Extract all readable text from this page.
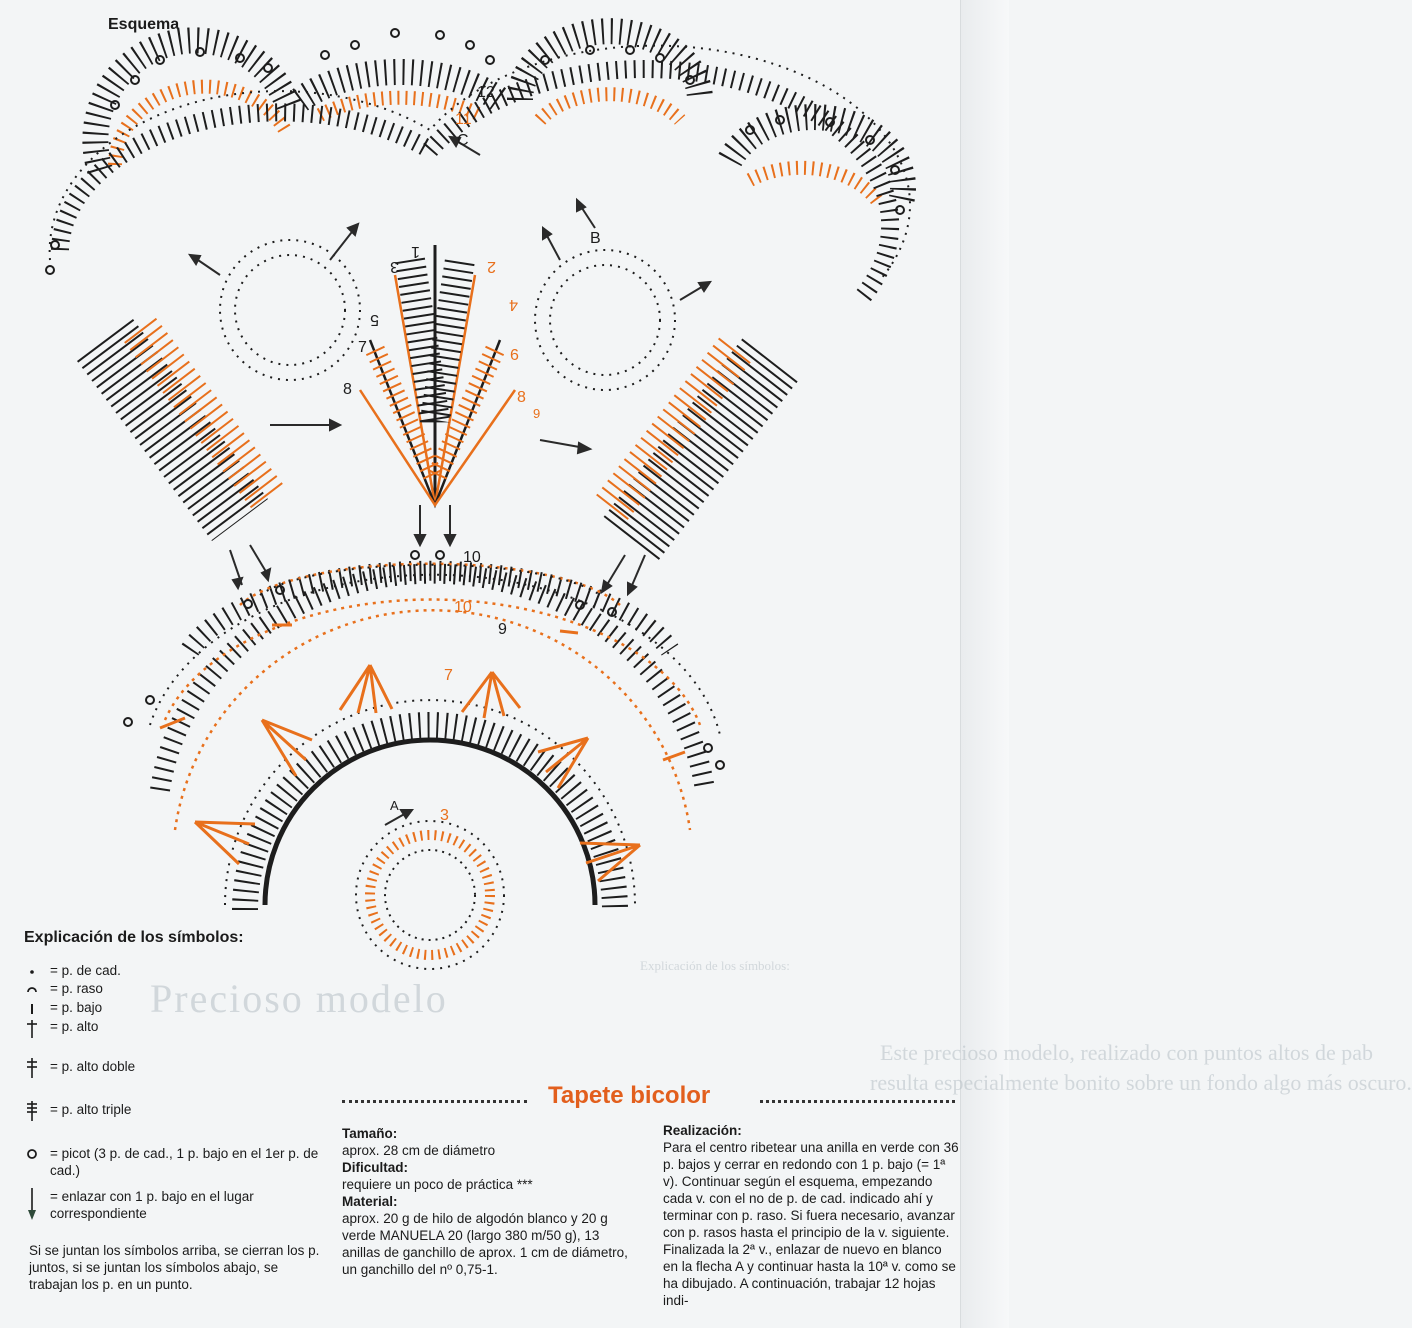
Explicación de los símbolos:
Precioso modelo
Este precioso modelo, realizado con puntos altos de pab
resulta especialmente bonito sobre un fondo algo más oscuro.
Esquema
1
2
3
4
5
6
7
8
9
8
10
10
9
7
12
11
3
A
B
C
Explicación de los símbolos:
= p. de cad.
= p. raso
= p. bajo
= p. alto
= p. alto doble
= p. alto triple
= picot (3 p. de cad., 1 p. bajo en el 1er p. de cad.)
= enlazar con 1 p. bajo en el lugar correspondiente
Si se juntan los símbolos arriba, se cierran los p. juntos, si se juntan los símbolos abajo, se trabajan los p. en un punto.
Tapete bicolor
Tamaño:
aprox. 28 cm de diámetro
Dificultad:
requiere un poco de práctica ***
Material:
aprox. 20 g de hilo de algodón blanco y 20 g verde MANUELA 20 (largo 380 m/50 g), 13 anillas de ganchillo de aprox. 1 cm de diámetro, un ganchillo del nº 0,75-1.
Realización:
Para el centro ribetear una anilla en verde con 36 p. bajos y cerrar en redondo con 1 p. bajo (= 1ª v). Continuar según el esquema, empezando cada v. con el no de p. de cad. indicado ahí y terminar con p. raso. Si fuera necesario, avanzar con p. rasos hasta el principio de la v. siguiente. Finalizada la 2ª v., enlazar de nuevo en blanco en la flecha A y continuar hasta la 10ª v. como se ha dibujado. A continuación, trabajar 12 hojas indi-
